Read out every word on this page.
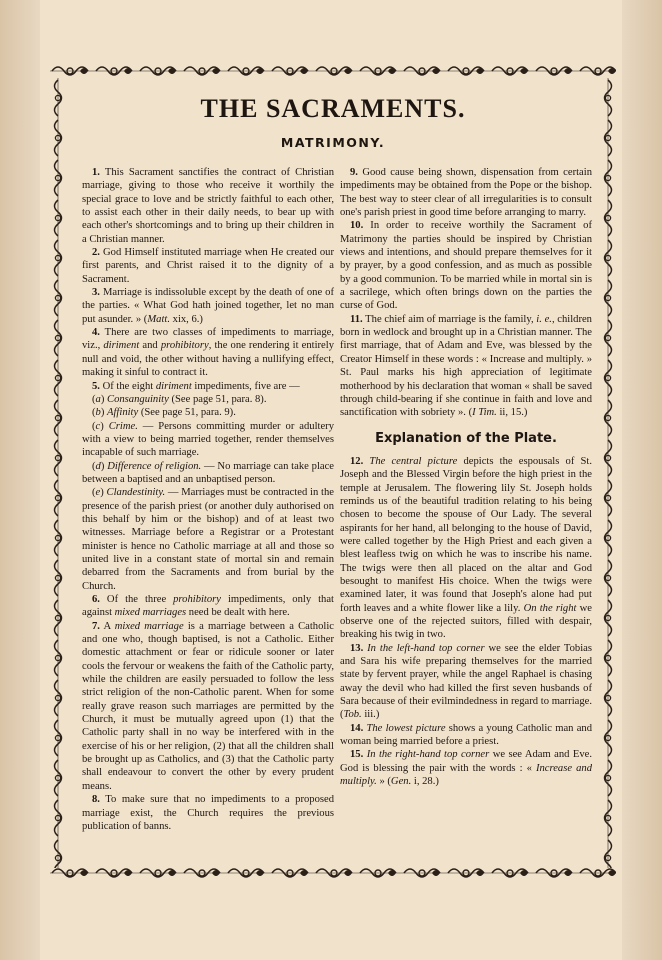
THE SACRAMENTS.
MATRIMONY.

1. This Sacrament sanctifies the contract of Christian marriage, giving to those who receive it worthily the special grace to love and be strictly faithful to each other, to assist each other in their daily needs, to bear up with each other's shortcomings and to bring up their children in a Christian manner.

2. God Himself instituted marriage when He created our first parents, and Christ raised it to the dignity of a Sacrament.

3. Marriage is indissoluble except by the death of one of the parties. « What God hath joined together, let no man put asunder. » (Matt. xix, 6.)

4. There are two classes of impediments to marriage, viz., diriment and prohibitory, the one rendering it entirely null and void, the other without having a nullifying effect, making it sinful to contract it.

5. Of the eight diriment impediments, five are —

(a) Consanguinity (See page 51, para. 8).

(b) Affinity (See page 51, para. 9).

(c) Crime. — Persons committing murder or adultery with a view to being married together, render themselves incapable of such marriage.

(d) Difference of religion. — No marriage can take place between a baptised and an unbaptised person.

(e) Clandestinity. — Marriages must be contracted in the presence of the parish priest (or another duly authorised on this behalf by him or the bishop) and of at least two witnesses. Marriage before a Registrar or a Protestant minister is hence no Catholic marriage at all and those so united live in a constant state of mortal sin and remain debarred from the Sacraments and from burial by the Church.

6. Of the three prohibitory impediments, only that against mixed marriages need be dealt with here.

7. A mixed marriage is a marriage between a Catholic and one who, though baptised, is not a Catholic. Either domestic attachment or fear or ridicule sooner or later cools the fervour or weakens the faith of the Catholic party, while the children are easily persuaded to follow the less strict religion of the non-Catholic parent. When for some really grave reason such marriages are permitted by the Church, it must be mutually agreed upon (1) that the Catholic party shall in no way be interfered with in the exercise of his or her religion, (2) that all the children shall be brought up as Catholics, and (3) that the Catholic party shall endeavour to convert the other by every prudent means.

8. To make sure that no impediments to a proposed marriage exist, the Church requires the previous publication of banns.

9. Good cause being shown, dispensation from certain impediments may be obtained from the Pope or the bishop. The best way to steer clear of all irregularities is to consult one's parish priest in good time before arranging to marry.

10. In order to receive worthily the Sacrament of Matrimony the parties should be inspired by Christian views and intentions, and should prepare themselves for it by prayer, by a good confession, and as much as possible by a good communion. To be married while in mortal sin is a sacrilege, which often brings down on the parties the curse of God.

11. The chief aim of marriage is the family, i. e., children born in wedlock and brought up in a Christian manner. The first marriage, that of Adam and Eve, was blessed by the Creator Himself in these words : « Increase and multiply. » St. Paul marks his high appreciation of legitimate motherhood by his declaration that woman « shall be saved through child-bearing if she continue in faith and love and sanctification with sobriety ». (I Tim. ii, 15.)

Explanation of the Plate.

12. The central picture depicts the espousals of St. Joseph and the Blessed Virgin before the high priest in the temple at Jerusalem. The flowering lily St. Joseph holds reminds us of the beautiful tradition relating to his being chosen to become the spouse of Our Lady. The several aspirants for her hand, all belonging to the house of David, were called together by the High Priest and each given a blest leafless twig on which he was to inscribe his name. The twigs were then all placed on the altar and God besought to manifest His choice. When the twigs were examined later, it was found that Joseph's alone had put forth leaves and a white flower like a lily. On the right we observe one of the rejected suitors, filled with despair, breaking his twig in two.

13. In the left-hand top corner we see the elder Tobias and Sara his wife preparing themselves for the married state by fervent prayer, while the angel Raphael is chasing away the devil who had killed the first seven husbands of Sara because of their evilmindedness in regard to marriage. (Tob. iii.)

14. The lowest picture shows a young Catholic man and woman being married before a priest.

15. In the right-hand top corner we see Adam and Eve. God is blessing the pair with the words : « Increase and multiply. » (Gen. i, 28.)
